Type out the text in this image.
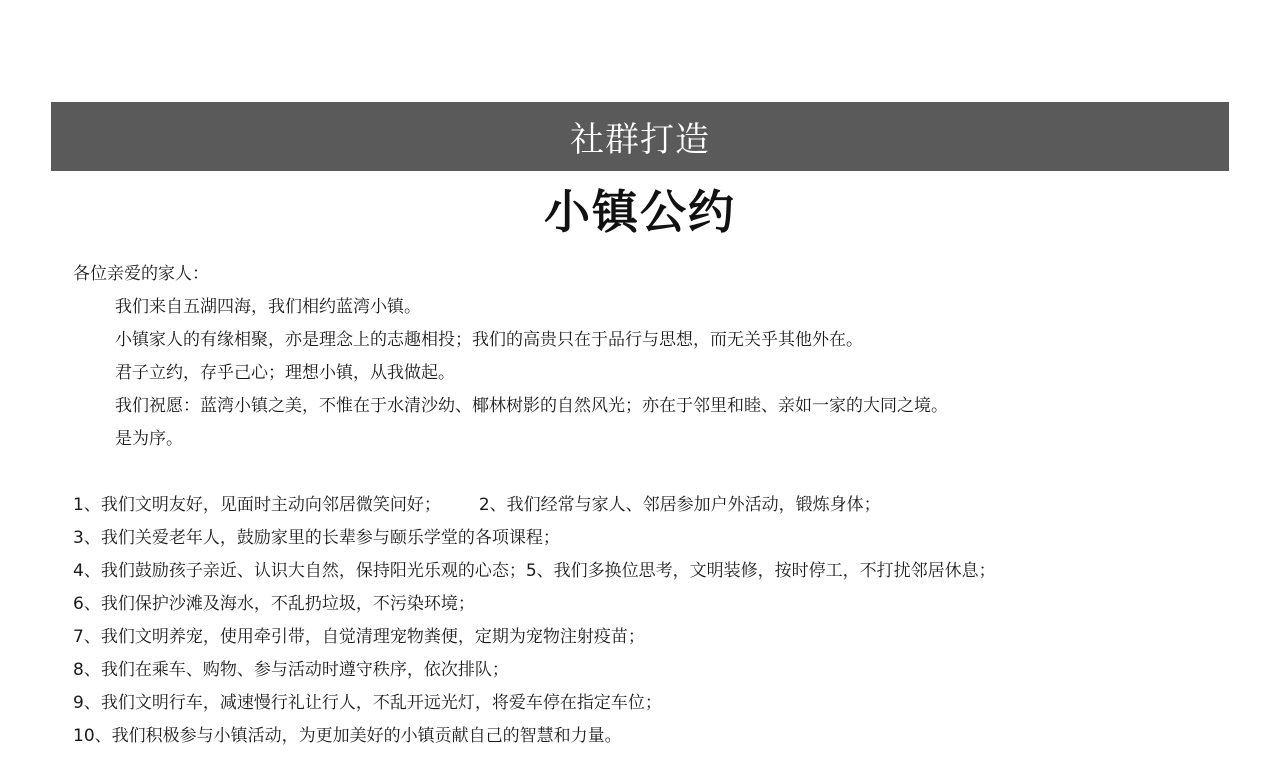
社群打造
小镇公约
各位亲爱的家人：
我们来自五湖四海，我们相约蓝湾小镇。
小镇家人的有缘相聚，亦是理念上的志趣相投；我们的高贵只在于品行与思想，而无关乎其他外在。
君子立约，存乎己心；理想小镇，从我做起。
我们祝愿：蓝湾小镇之美，不惟在于水清沙幼、椰林树影的自然风光；亦在于邻里和睦、亲如一家的大同之境。
是为序。
1、我们文明友好，见面时主动向邻居微笑问好； 2、我们经常与家人、邻居参加户外活动，锻炼身体；
3、我们关爱老年人，鼓励家里的长辈参与颐乐学堂的各项课程；
4、我们鼓励孩子亲近、认识大自然，保持阳光乐观的心态；5、我们多换位思考，文明装修，按时停工，不打扰邻居休息；
6、我们保护沙滩及海水，不乱扔垃圾，不污染环境；
7、我们文明养宠，使用牵引带，自觉清理宠物粪便，定期为宠物注射疫苗；
8、我们在乘车、购物、参与活动时遵守秩序，依次排队；
9、我们文明行车，减速慢行礼让行人，不乱开远光灯，将爱车停在指定车位；
10、我们积极参与小镇活动，为更加美好的小镇贡献自己的智慧和力量。
